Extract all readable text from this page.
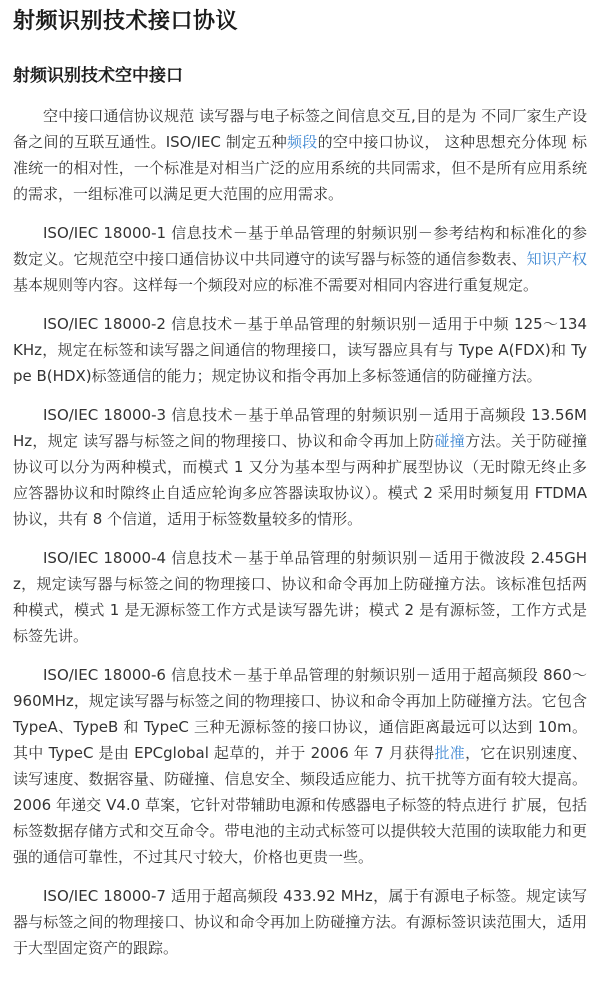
射频识别技术接口协议
射频识别技术空中接口

空中接口通信协议规范 读写器与电子标签之间信息交互,目的是为 不同厂家生产设备之间的互联互通性。ISO/IEC 制定五种频段的空中接口协议， 这种思想充分体现 标准统一的相对性，一个标准是对相当广泛的应用系统的共同需求，但不是所有应用系统的需求，一组标准可以满足更大范围的应用需求。

ISO/IEC 18000-1 信息技术－基于单品管理的射频识别－参考结构和标准化的参数定义。它规范空中接口通信协议中共同遵守的读写器与标签的通信参数表、知识产权基本规则等内容。这样每一个频段对应的标准不需要对相同内容进行重复规定。

ISO/IEC 18000-2 信息技术－基于单品管理的射频识别－适用于中频 125～134KHz，规定在标签和读写器之间通信的物理接口，读写器应具有与 Type A(FDX)和 Type B(HDX)标签通信的能力；规定协议和指令再加上多标签通信的防碰撞方法。

ISO/IEC 18000-3 信息技术－基于单品管理的射频识别－适用于高频段 13.56MHz，规定 读写器与标签之间的物理接口、协议和命令再加上防碰撞方法。关于防碰撞协议可以分为两种模式，而模式 1 又分为基本型与两种扩展型协议（无时隙无终止多应答器协议和时隙终止自适应轮询多应答器读取协议）。模式 2 采用时频复用 FTDMA 协议，共有 8 个信道，适用于标签数量较多的情形。

ISO/IEC 18000-4 信息技术－基于单品管理的射频识别－适用于微波段 2.45GHz，规定读写器与标签之间的物理接口、协议和命令再加上防碰撞方法。该标准包括两种模式，模式 1 是无源标签工作方式是读写器先讲；模式 2 是有源标签，工作方式是标签先讲。

ISO/IEC 18000-6 信息技术－基于单品管理的射频识别－适用于超高频段 860～960MHz，规定读写器与标签之间的物理接口、协议和命令再加上防碰撞方法。它包含 TypeA、TypeB 和 TypeC 三种无源标签的接口协议，通信距离最远可以达到 10m。其中 TypeC 是由 EPCglobal 起草的，并于 2006 年 7 月获得批准，它在识别速度、读写速度、数据容量、防碰撞、信息安全、频段适应能力、抗干扰等方面有较大提高。2006 年递交 V4.0 草案，它针对带辅助电源和传感器电子标签的特点进行 扩展，包括标签数据存储方式和交互命令。带电池的主动式标签可以提供较大范围的读取能力和更强的通信可靠性，不过其尺寸较大，价格也更贵一些。

ISO/IEC 18000-7 适用于超高频段 433.92 MHz，属于有源电子标签。规定读写器与标签之间的物理接口、协议和命令再加上防碰撞方法。有源标签识读范围大，适用于大型固定资产的跟踪。
